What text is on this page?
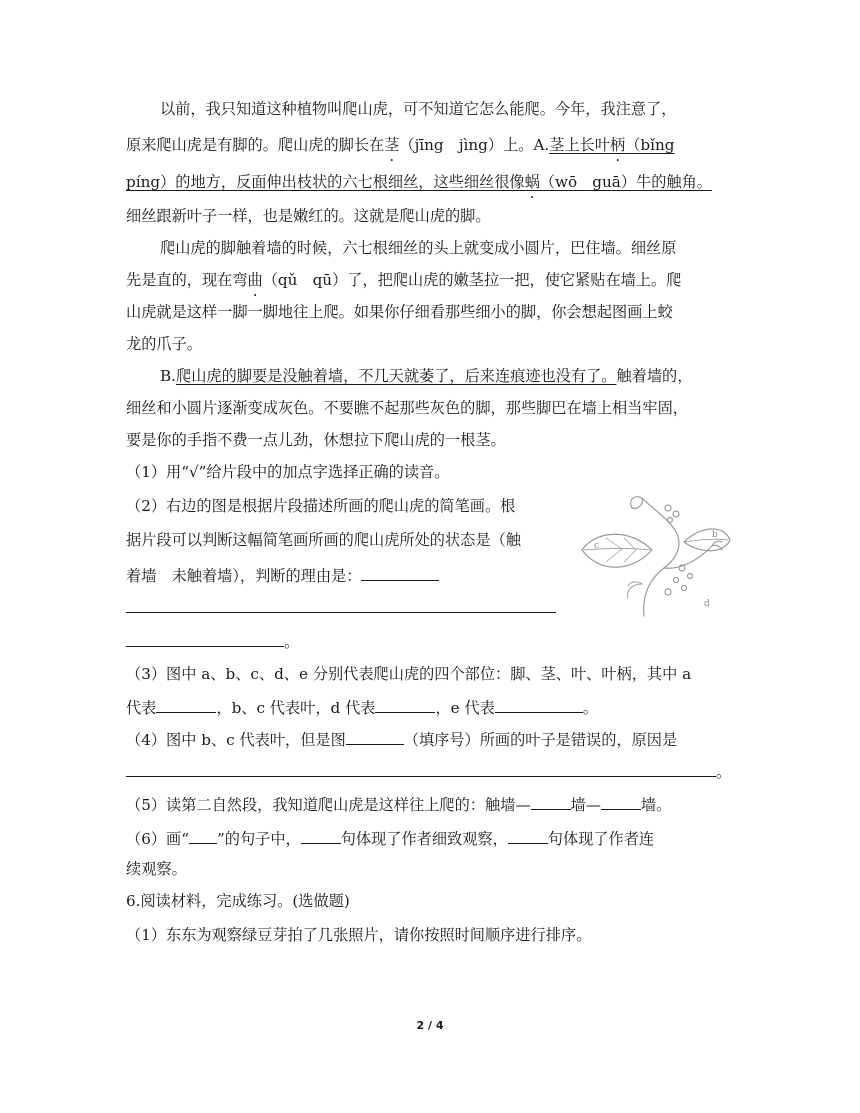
以前，我只知道这种植物叫爬山虎，可不知道它怎么能爬。今年，我注意了，
原来爬山虎是有脚的。爬山虎的脚长在茎（jīng　jìng）上。A.茎上长叶柄（bǐng
píng）的地方，反面伸出枝状的六七根细丝，这些细丝很像蜗（wō　guā）牛的触角。
细丝跟新叶子一样，也是嫩红的。这就是爬山虎的脚。
爬山虎的脚触着墙的时候，六七根细丝的头上就变成小圆片，巴住墙。细丝原
先是直的，现在弯曲（qǔ　qū）了，把爬山虎的嫩茎拉一把，使它紧贴在墙上。爬
山虎就是这样一脚一脚地往上爬。如果你仔细看那些细小的脚，你会想起图画上蛟
龙的爪子。
B.爬山虎的脚要是没触着墙，不几天就萎了，后来连痕迹也没有了。触着墙的，
细丝和小圆片逐渐变成灰色。不要瞧不起那些灰色的脚，那些脚巴在墙上相当牢固，
要是你的手指不费一点儿劲，休想拉下爬山虎的一根茎。
（1）用“√”给片段中的加点字选择正确的读音。
（2）右边的图是根据片段描述所画的爬山虎的简笔画。根
据片段可以判断这幅简笔画所画的爬山虎所处的状态是（触
着墙　未触着墙），判断的理由是：
。
（3）图中 a、b、c、d、e 分别代表爬山虎的四个部位：脚、茎、叶、叶柄，其中 a
代表	，b、c 代表叶，d 代表	，e 代表	。
（4）图中 b、c 代表叶，但是图	（填序号）所画的叶子是错误的，原因是
。
（5）读第二自然段，我知道爬山虎是这样往上爬的：触墙—	墙—	墙。
（6）画“ ”的句子中，	句体现了作者细致观察，	句体现了作者连
续观察。
6.阅读材料，完成练习。(选做题)
（1）东东为观察绿豆芽拍了几张照片，请你按照时间顺序进行排序。
b
c
d
2 / 4
